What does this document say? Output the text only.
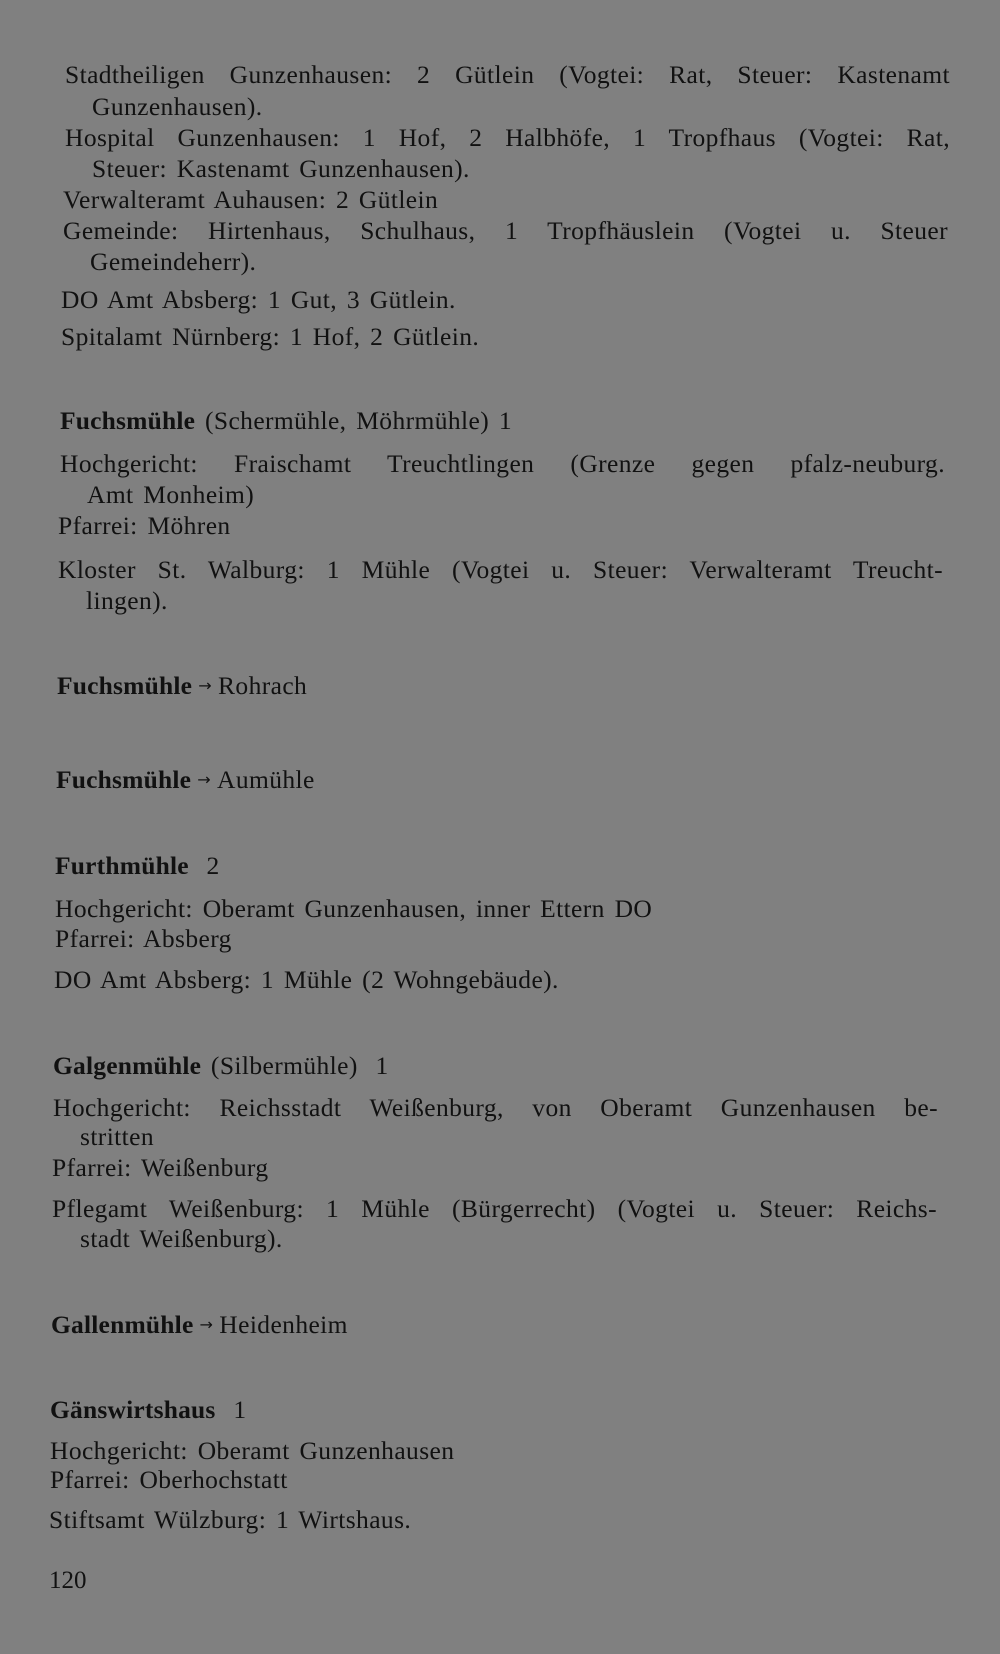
Stadtheiligen Gunzenhausen: 2 Gütlein (Vogtei: Rat, Steuer: Kastenamt
Gunzenhausen).
Hospital Gunzenhausen: 1 Hof, 2 Halbhöfe, 1 Tropfhaus (Vogtei: Rat,
Steuer: Kastenamt Gunzenhausen).
Verwalteramt Auhausen: 2 Gütlein
Gemeinde: Hirtenhaus, Schulhaus, 1 Tropfhäuslein (Vogtei u. Steuer
Gemeindeherr).
DO Amt Absberg: 1 Gut, 3 Gütlein.
Spitalamt Nürnberg: 1 Hof, 2 Gütlein.
Fuchsmühle (Schermühle, Möhrmühle) 1
Hochgericht: Fraischamt Treuchtlingen (Grenze gegen pfalz-neuburg.
Amt Monheim)
Pfarrei: Möhren
Kloster St. Walburg: 1 Mühle (Vogtei u. Steuer: Verwalteramt Treucht-
lingen).
Fuchsmühle → Rohrach
Fuchsmühle → Aumühle
Furthmühle 2
Hochgericht: Oberamt Gunzenhausen, inner Ettern DO
Pfarrei: Absberg
DO Amt Absberg: 1 Mühle (2 Wohngebäude).
Galgenmühle (Silbermühle) 1
Hochgericht: Reichsstadt Weißenburg, von Oberamt Gunzenhausen be-
stritten
Pfarrei: Weißenburg
Pflegamt Weißenburg: 1 Mühle (Bürgerrecht) (Vogtei u. Steuer: Reichs-
stadt Weißenburg).
Gallenmühle → Heidenheim
Gänswirtshaus 1
Hochgericht: Oberamt Gunzenhausen
Pfarrei: Oberhochstatt
Stiftsamt Wülzburg: 1 Wirtshaus.
120
